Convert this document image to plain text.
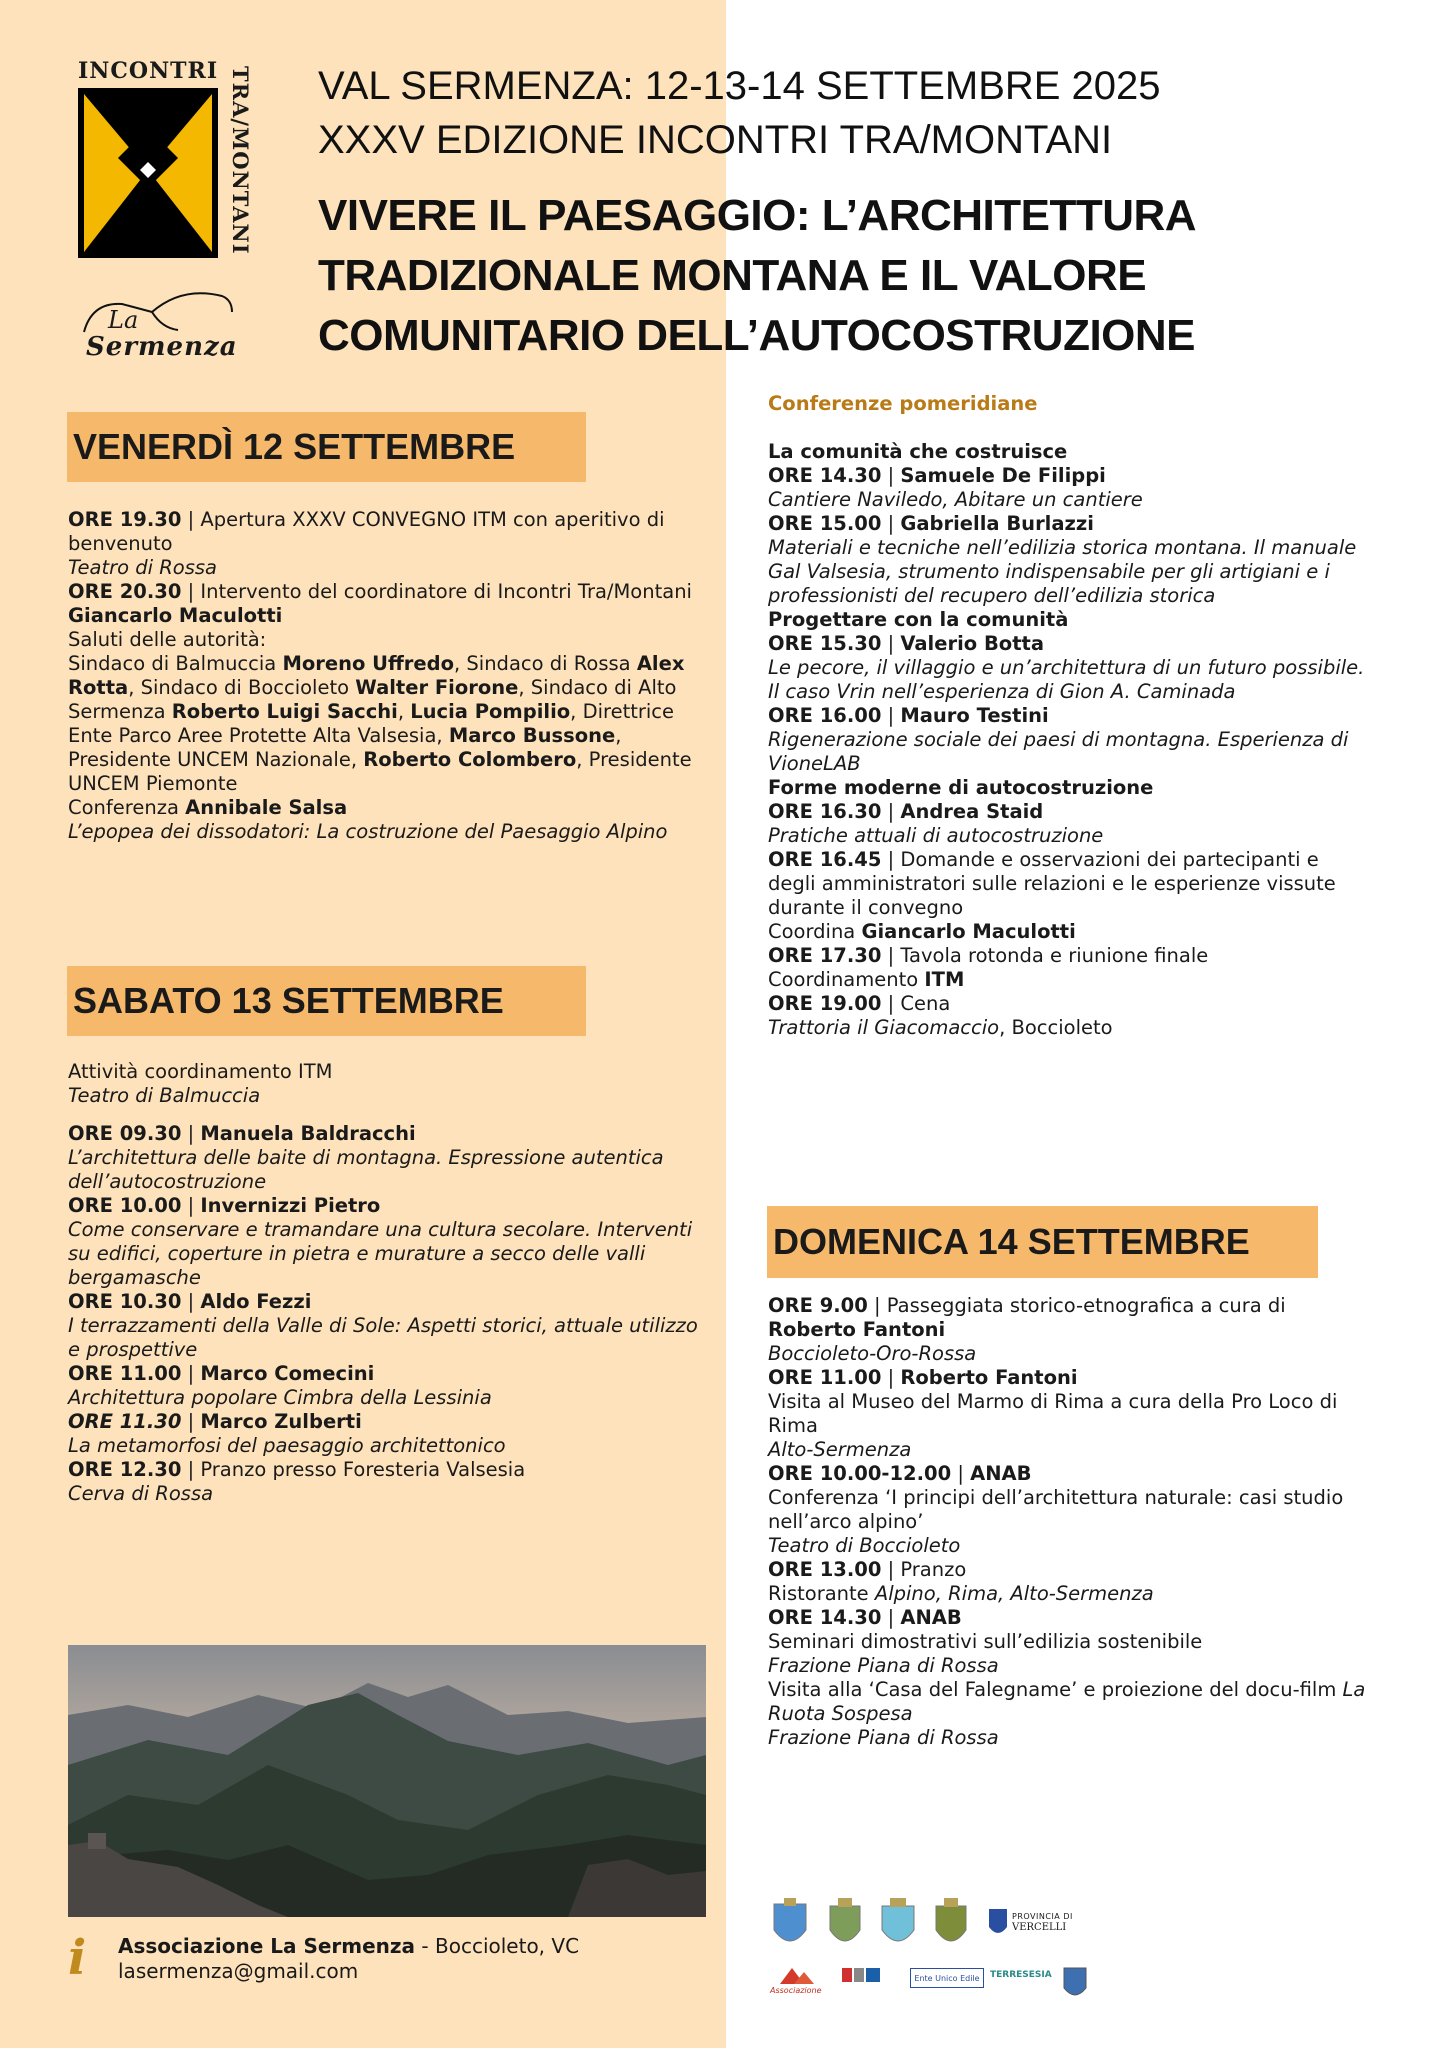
INCONTRI TRA/MONTANI
La
Sermenza
VAL SERMENZA: 12-13-14 SETTEMBRE 2025
XXXV EDIZIONE INCONTRI TRA/MONTANI
VIVERE IL PAESAGGIO: L’ARCHITETTURA
TRADIZIONALE MONTANA E IL VALORE
COMUNITARIO DELL’AUTOCOSTRUZIONE
VENERDÌ 12 SETTEMBRE

ORE 19.30 | Apertura XXXV CONVEGNO ITM con aperitivo di benvenuto
Teatro di Rossa

ORE 20.30 | Intervento del coordinatore di Incontri Tra/Montani Giancarlo Maculotti

Saluti delle autorità:
Sindaco di Balmuccia Moreno Uffredo, Sindaco di Rossa Alex Rotta, Sindaco di Boccioleto Walter Fiorone, Sindaco di Alto Sermenza Roberto Luigi Sacchi, Lucia Pompilio, Direttrice Ente Parco Aree Protette Alta Valsesia, Marco Bussone, Presidente UNCEM Nazionale, Roberto Colombero, Presidente UNCEM Piemonte

Conferenza Annibale Salsa
L’epopea dei dissodatori: La costruzione del Paesaggio Alpino

SABATO 13 SETTEMBRE

Attività coordinamento ITM
Teatro di Balmuccia

ORE 09.30 | Manuela Baldracchi
L’architettura delle baite di montagna. Espressione autentica dell’autocostruzione

ORE 10.00 | Invernizzi Pietro
Come conservare e tramandare una cultura secolare. Interventi su edifici, coperture in pietra e murature a secco delle valli bergamasche

ORE 10.30 | Aldo Fezzi
I terrazzamenti della Valle di Sole: Aspetti storici, attuale utilizzo e prospettive

ORE 11.00 | Marco Comecini
Architettura popolare Cimbra della Lessinia

ORE 11.30 | Marco Zulberti
La metamorfosi del paesaggio architettonico

ORE 12.30 | Pranzo presso Foresteria Valsesia
Cerva di Rossa

Conferenze pomeridiane

La comunità che costruisce
ORE 14.30 | Samuele De Filippi
Cantiere Naviledo, Abitare un cantiere

ORE 15.00 | Gabriella Burlazzi
Materiali e tecniche nell’edilizia storica montana. Il manuale Gal Valsesia, strumento indispensabile per gli artigiani e i professionisti del recupero dell’edilizia storica

Progettare con la comunità
ORE 15.30 | Valerio Botta
Le pecore, il villaggio e un’architettura di un futuro possibile. Il caso Vrin nell’esperienza di Gion A. Caminada

ORE 16.00 | Mauro Testini
Rigenerazione sociale dei paesi di montagna. Esperienza di VioneLAB

Forme moderne di autocostruzione
ORE 16.30 | Andrea Staid
Pratiche attuali di autocostruzione

ORE 16.45 | Domande e osservazioni dei partecipanti e degli amministratori sulle relazioni e le esperienze vissute durante il convegno
Coordina Giancarlo Maculotti

ORE 17.30 | Tavola rotonda e riunione finale
Coordinamento ITM

ORE 19.00 | Cena
Trattoria il Giacomaccio, Boccioleto

DOMENICA 14 SETTEMBRE

ORE 9.00 | Passeggiata storico-etnografica a cura di
Roberto Fantoni
Boccioleto-Oro-Rossa

ORE 11.00 | Roberto Fantoni
Visita al Museo del Marmo di Rima a cura della Pro Loco di Rima
Alto-Sermenza

ORE 10.00-12.00 | ANAB
Conferenza ‘I principi dell’architettura naturale: casi studio nell’arco alpino’
Teatro di Boccioleto

ORE 13.00 | Pranzo
Ristorante Alpino, Rima, Alto-Sermenza

ORE 14.30 | ANAB
Seminari dimostrativi sull’edilizia sostenibile
Frazione Piana di Rossa

Visita alla ‘Casa del Falegname’ e proiezione del docu-film La Ruota Sospesa
Frazione Piana di Rossa

i Associazione La Sermenza - Boccioleto, VC
lasermenza@gmail.com
PROVINCIA DI
VERCELLI
Associazione
Ente Unico Edile	TERRESESIA
